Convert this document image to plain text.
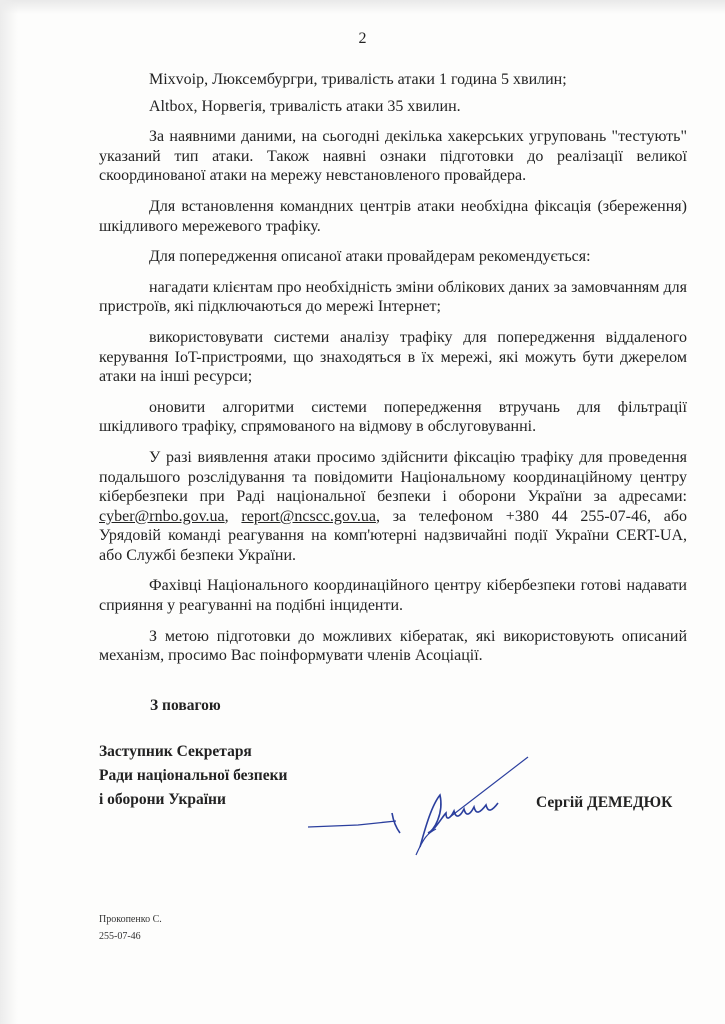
2

Mixvoip, Люксембургри, тривалість атаки 1 година 5 хвилин;

Altbox, Норвегія, тривалість атаки 35 хвилин.

За наявними даними, на сьогодні декілька хакерських угруповань "тестують" указаний тип атаки. Також наявні ознаки підготовки до реалізації великої скоординованої атаки на мережу невстановленого провайдера.

Для встановлення командних центрів атаки необхідна фіксація (збереження) шкідливого мережевого трафіку.

Для попередження описаної атаки провайдерам рекомендується:

нагадати клієнтам про необхідність зміни облікових даних за замовчанням для пристроїв, які підключаються до мережі Інтернет;

використовувати системи аналізу трафіку для попередження віддаленого керування IoT-пристроями, що знаходяться в їх мережі, які можуть бути джерелом атаки на інші ресурси;

оновити алгоритми системи попередження втручань для фільтрації шкідливого трафіку, спрямованого на відмову в обслуговуванні.

У разі виявлення атаки просимо здійснити фіксацію трафіку для проведення подальшого розслідування та повідомити Національному координаційному центру кібербезпеки при Раді національної безпеки і оборони України за адресами: cyber@rnbo.gov.ua, report@ncscc.gov.ua, за телефоном +380 44 255-07-46, або Урядовій команді реагування на комп'ютерні надзвичайні події України CERT-UA, або Службі безпеки України.

Фахівці Національного координаційного центру кібербезпеки готові надавати сприяння у реагуванні на подібні інциденти.

З метою підготовки до можливих кібератак, які використовують описаний механізм, просимо Вас поінформувати членів Асоціації.

З повагою
Заступник Секретаря
Ради національної безпеки
і оборони України	Сергій ДЕМЕДЮК
Прокопенко С.
255-07-46
